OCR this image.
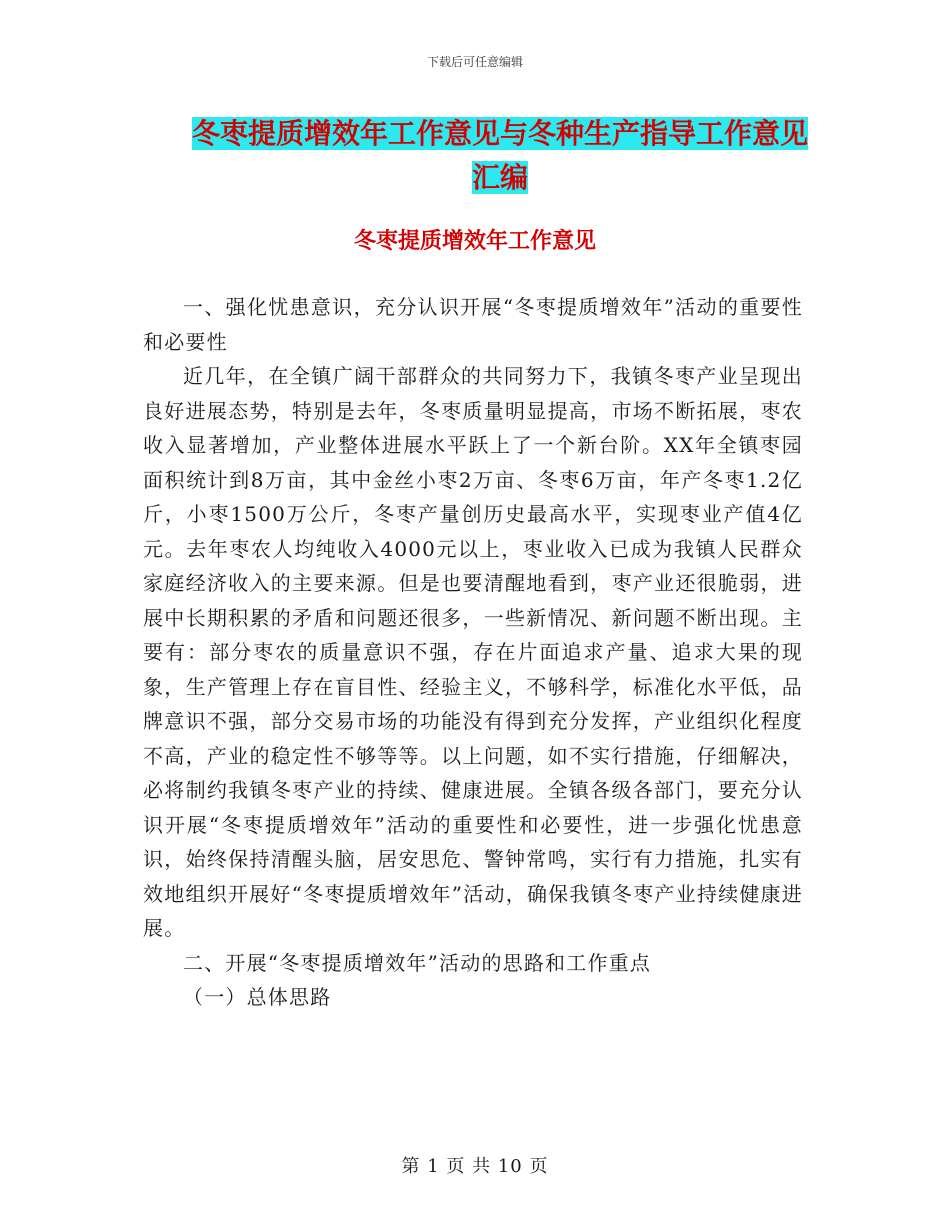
下载后可任意编辑
冬枣提质增效年工作意见与冬种生产指导工作意见汇编
冬枣提质增效年工作意见

一、强化忧患意识，充分认识开展“冬枣提质增效年”活动的重要性和必要性

近几年，在全镇广阔干部群众的共同努力下，我镇冬枣产业呈现出良好进展态势，特别是去年，冬枣质量明显提高，市场不断拓展，枣农收入显著增加，产业整体进展水平跃上了一个新台阶。XX年全镇枣园面积统计到8万亩，其中金丝小枣2万亩、冬枣6万亩，年产冬枣1.2亿斤，小枣1500万公斤，冬枣产量创历史最高水平，实现枣业产值4亿元。去年枣农人均纯收入4000元以上，枣业收入已成为我镇人民群众家庭经济收入的主要来源。但是也要清醒地看到，枣产业还很脆弱，进展中长期积累的矛盾和问题还很多，一些新情况、新问题不断出现。主要有：部分枣农的质量意识不强，存在片面追求产量、追求大果的现象，生产管理上存在盲目性、经验主义，不够科学，标准化水平低，品牌意识不强，部分交易市场的功能没有得到充分发挥，产业组织化程度不高，产业的稳定性不够等等。以上问题，如不实行措施，仔细解决，必将制约我镇冬枣产业的持续、健康进展。全镇各级各部门，要充分认识开展“冬枣提质增效年”活动的重要性和必要性，进一步强化忧患意识，始终保持清醒头脑，居安思危、警钟常鸣，实行有力措施，扎实有效地组织开展好“冬枣提质增效年”活动，确保我镇冬枣产业持续健康进展。

二、开展“冬枣提质增效年”活动的思路和工作重点

（一）总体思路

第 1 页 共 10 页
